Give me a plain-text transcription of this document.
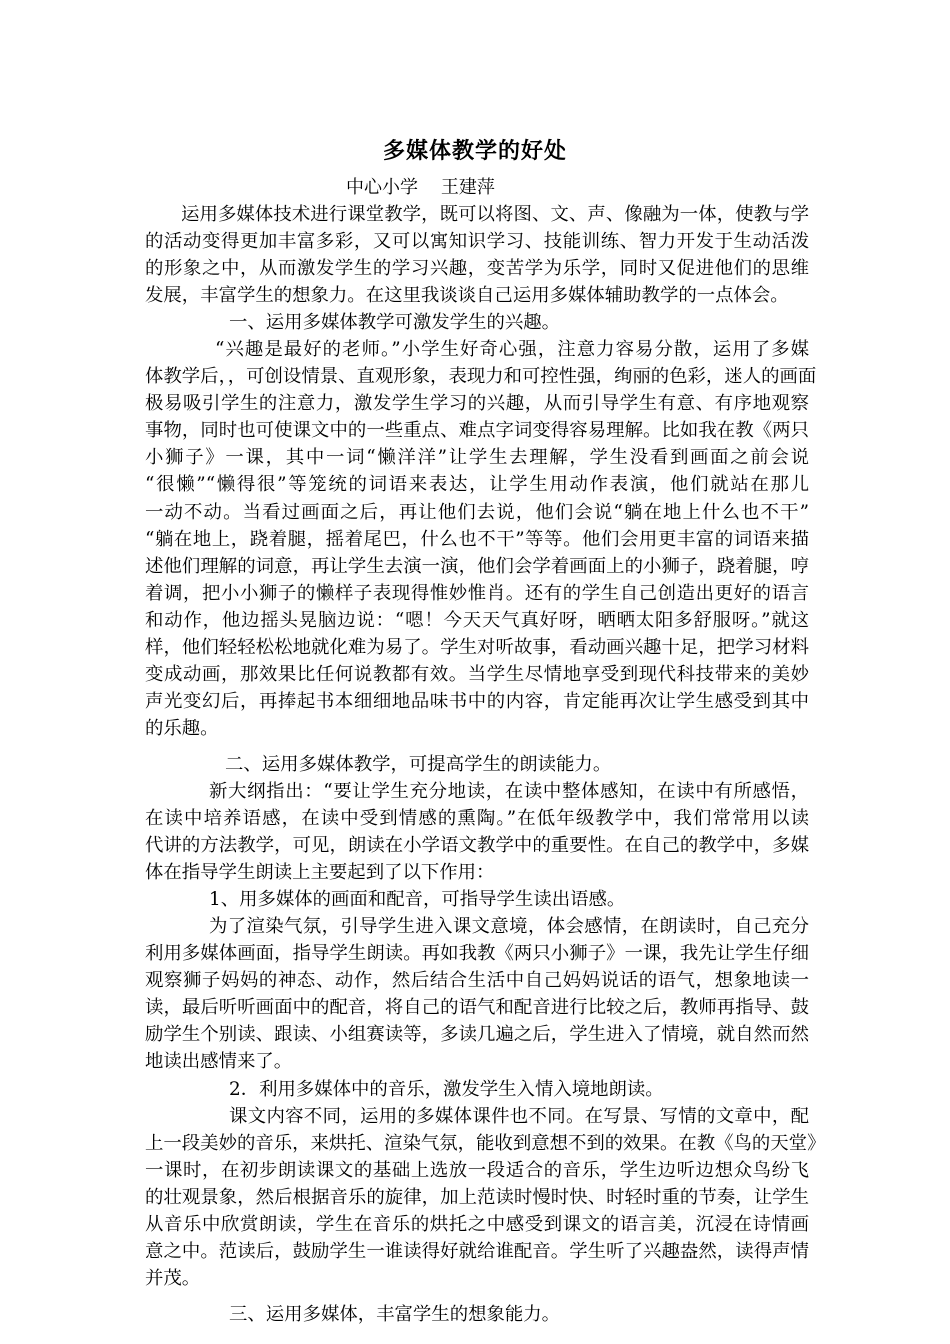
多媒体教学的好处
中心小学    王建萍
运用多媒体技术进行课堂教学，既可以将图、文、声、像融为一体，使教与学
的活动变得更加丰富多彩，又可以寓知识学习、技能训练、智力开发于生动活泼
的形象之中，从而激发学生的学习兴趣，变苦学为乐学，同时又促进他们的思维
发展，丰富学生的想象力。在这里我谈谈自己运用多媒体辅助教学的一点体会。
一、运用多媒体教学可激发学生的兴趣。
“兴趣是最好的老师。”小学生好奇心强，注意力容易分散，运用了多媒
体教学后，，可创设情景、直观形象，表现力和可控性强，绚丽的色彩，迷人的画面
极易吸引学生的注意力，激发学生学习的兴趣，从而引导学生有意、有序地观察
事物，同时也可使课文中的一些重点、难点字词变得容易理解。比如我在教《两只
小狮子》一课，其中一词“懒洋洋”让学生去理解，学生没看到画面之前会说
“很懒”“懒得很”等笼统的词语来表达，让学生用动作表演，他们就站在那儿
一动不动。当看过画面之后，再让他们去说，他们会说“躺在地上什么也不干”
“躺在地上，跷着腿，摇着尾巴，什么也不干”等等。他们会用更丰富的词语来描
述他们理解的词意，再让学生去演一演，他们会学着画面上的小狮子，跷着腿，哼
着调，把小小狮子的懒样子表现得惟妙惟肖。还有的学生自己创造出更好的语言
和动作，他边摇头晃脑边说：“嗯！今天天气真好呀，晒晒太阳多舒服呀。”就这
样，他们轻轻松松地就化难为易了。学生对听故事，看动画兴趣十足，把学习材料
变成动画，那效果比任何说教都有效。当学生尽情地享受到现代科技带来的美妙
声光变幻后，再捧起书本细细地品味书中的内容，肯定能再次让学生感受到其中
的乐趣。
二、运用多媒体教学，可提高学生的朗读能力。
新大纲指出：“要让学生充分地读，在读中整体感知，在读中有所感悟，
在读中培养语感，在读中受到情感的熏陶。”在低年级教学中，我们常常用以读
代讲的方法教学，可见，朗读在小学语文教学中的重要性。在自己的教学中，多媒
体在指导学生朗读上主要起到了以下作用：
1、用多媒体的画面和配音，可指导学生读出语感。
为了渲染气氛，引导学生进入课文意境，体会感情，在朗读时，自己充分
利用多媒体画面，指导学生朗读。再如我教《两只小狮子》一课，我先让学生仔细
观察狮子妈妈的神态、动作，然后结合生活中自己妈妈说话的语气，想象地读一
读，最后听听画面中的配音，将自己的语气和配音进行比较之后，教师再指导、鼓
励学生个别读、跟读、小组赛读等，多读几遍之后，学生进入了情境，就自然而然
地读出感情来了。
2．利用多媒体中的音乐，激发学生入情入境地朗读。
课文内容不同，运用的多媒体课件也不同。在写景、写情的文章中，配
上一段美妙的音乐，来烘托、渲染气氛，能收到意想不到的效果。在教《鸟的天堂》
一课时，在初步朗读课文的基础上选放一段适合的音乐，学生边听边想众鸟纷飞
的壮观景象，然后根据音乐的旋律，加上范读时慢时快、时轻时重的节奏，让学生
从音乐中欣赏朗读，学生在音乐的烘托之中感受到课文的语言美，沉浸在诗情画
意之中。范读后，鼓励学生一谁读得好就给谁配音。学生听了兴趣盎然，读得声情
并茂。
三、运用多媒体，丰富学生的想象能力。
